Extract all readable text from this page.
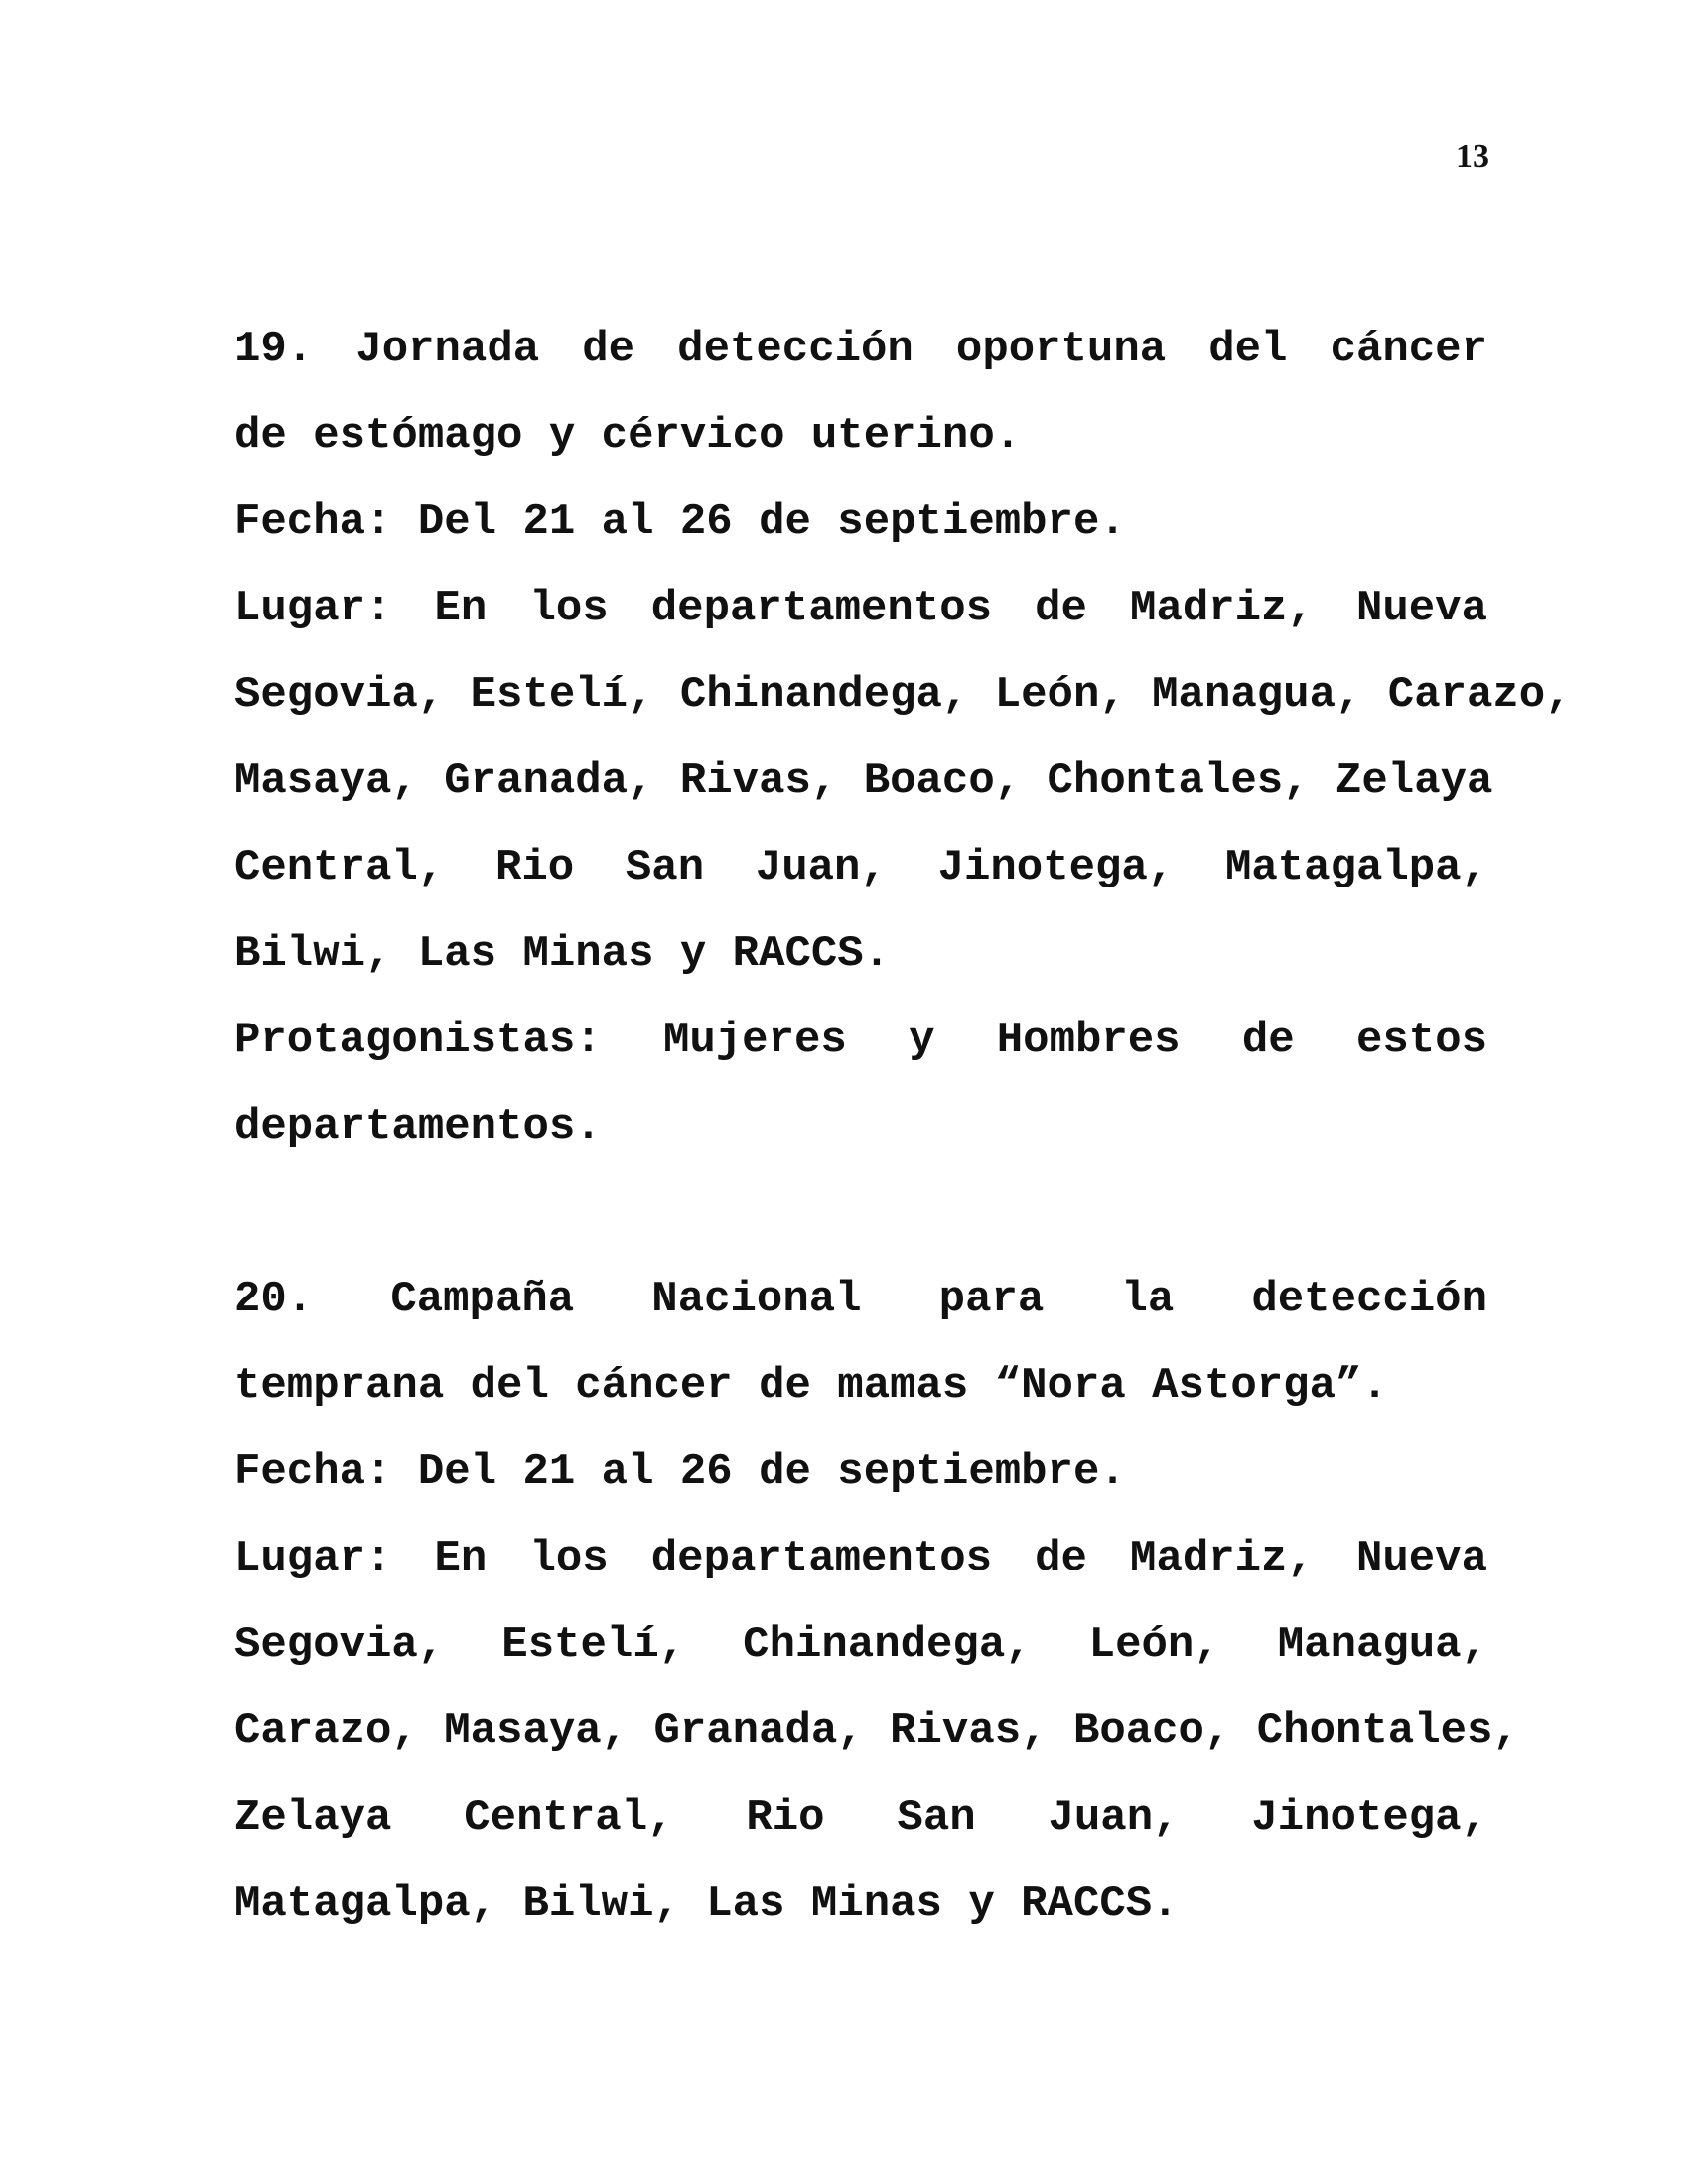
13
19. Jornada de detección oportuna del cáncer
de estómago y cérvico uterino.
Fecha: Del 21 al 26 de septiembre.
Lugar: En los departamentos de Madriz, Nueva
Segovia, Estelí, Chinandega, León, Managua, Carazo,
Masaya, Granada, Rivas, Boaco, Chontales, Zelaya
Central, Rio San Juan, Jinotega, Matagalpa,
Bilwi, Las Minas y RACCS.
Protagonistas: Mujeres y Hombres de estos
departamentos.
20. Campaña Nacional para la detección
temprana del cáncer de mamas “Nora Astorga”.
Fecha: Del 21 al 26 de septiembre.
Lugar: En los departamentos de Madriz, Nueva
Segovia, Estelí, Chinandega, León, Managua,
Carazo, Masaya, Granada, Rivas, Boaco, Chontales,
Zelaya Central, Rio San Juan, Jinotega,
Matagalpa, Bilwi, Las Minas y RACCS.
